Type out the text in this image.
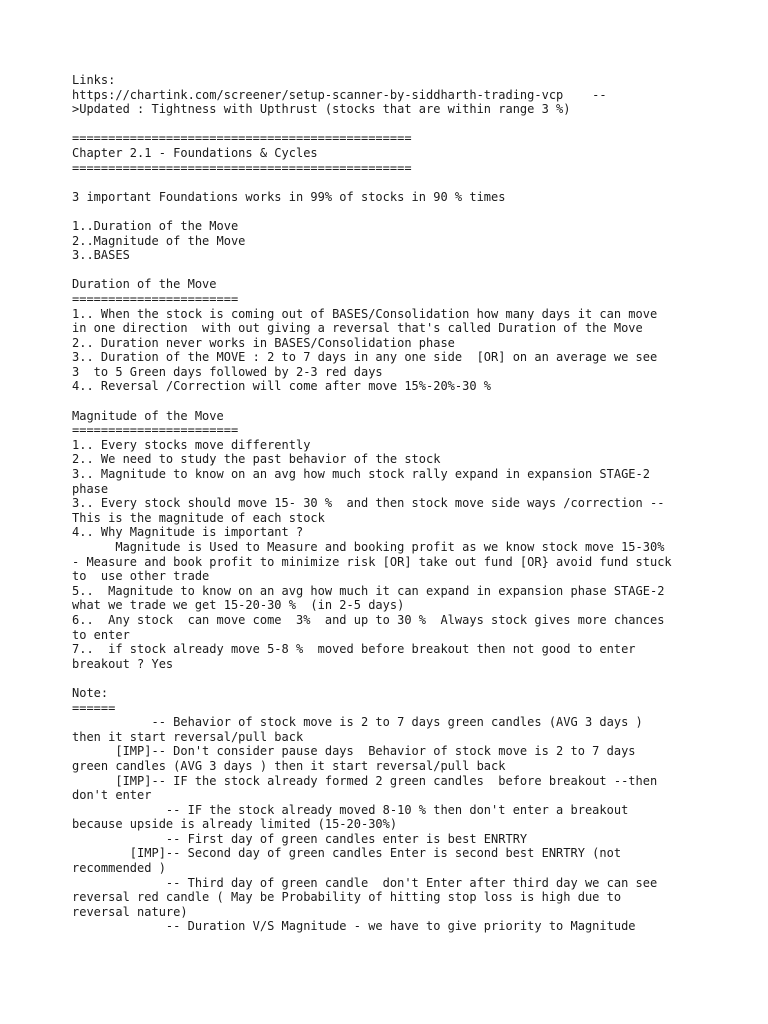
Links:
https://chartink.com/screener/setup-scanner-by-siddharth-trading-vcp    --
>Updated : Tightness with Upthrust (stocks that are within range 3 %)
===============================================
Chapter 2.1 - Foundations & Cycles
===============================================
3 important Foundations works in 99% of stocks in 90 % times
1..Duration of the Move
2..Magnitude of the Move
3..BASES
Duration of the Move
=======================
1.. When the stock is coming out of BASES/Consolidation how many days it can move
in one direction  with out giving a reversal that's called Duration of the Move
2.. Duration never works in BASES/Consolidation phase
3.. Duration of the MOVE : 2 to 7 days in any one side  [OR] on an average we see
3  to 5 Green days followed by 2-3 red days
4.. Reversal /Correction will come after move 15%-20%-30 %
Magnitude of the Move
=======================
1.. Every stocks move differently
2.. We need to study the past behavior of the stock
3.. Magnitude to know on an avg how much stock rally expand in expansion STAGE-2
phase
3.. Every stock should move 15- 30 %  and then stock move side ways /correction --
This is the magnitude of each stock
4.. Why Magnitude is important ?
Magnitude is Used to Measure and booking profit as we know stock move 15-30%
- Measure and book profit to minimize risk [OR] take out fund [OR} avoid fund stuck
to  use other trade
5..  Magnitude to know on an avg how much it can expand in expansion phase STAGE-2
what we trade we get 15-20-30 %  (in 2-5 days)
6..  Any stock  can move come  3%  and up to 30 %  Always stock gives more chances
to enter
7..  if stock already move 5-8 %  moved before breakout then not good to enter
breakout ? Yes
Note:
======
-- Behavior of stock move is 2 to 7 days green candles (AVG 3 days )
then it start reversal/pull back
[IMP]-- Don't consider pause days  Behavior of stock move is 2 to 7 days
green candles (AVG 3 days ) then it start reversal/pull back
[IMP]-- IF the stock already formed 2 green candles  before breakout --then
don't enter
-- IF the stock already moved 8-10 % then don't enter a breakout
because upside is already limited (15-20-30%)
-- First day of green candles enter is best ENRTRY
[IMP]-- Second day of green candles Enter is second best ENRTRY (not
recommended )
-- Third day of green candle  don't Enter after third day we can see
reversal red candle ( May be Probability of hitting stop loss is high due to
reversal nature)
-- Duration V/S Magnitude - we have to give priority to Magnitude
